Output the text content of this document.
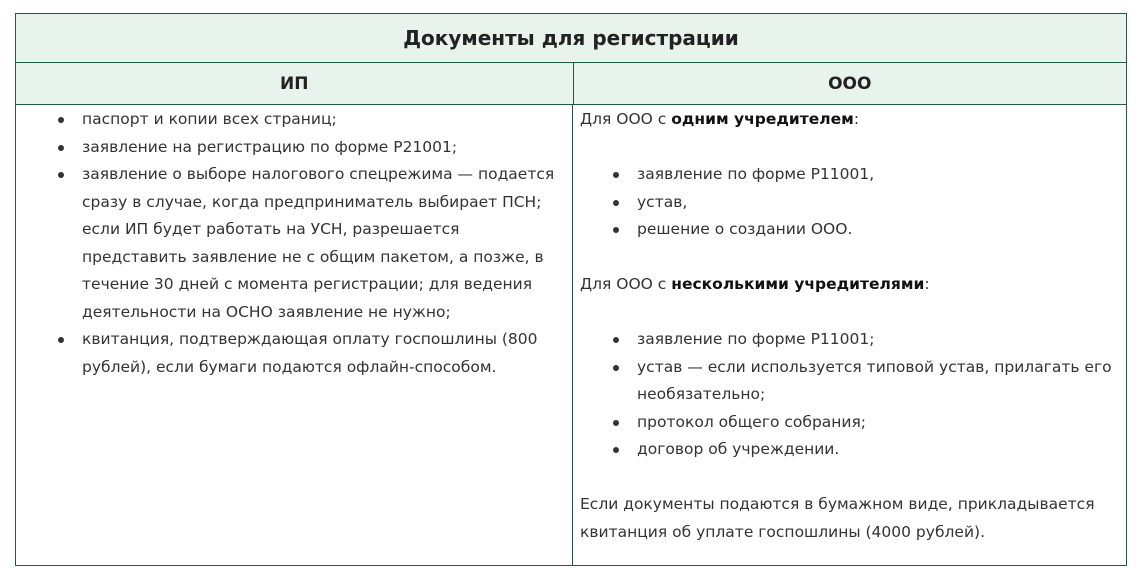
Документы для регистрации
ИП	ООО
паспорт и копии всех страниц;
заявление на регистрацию по форме Р21001;
заявление о выборе налогового спецрежима — подается сразу в случае, когда предприниматель выбирает ПСН; если ИП будет работать на УСН, разрешается представить заявление не с общим пакетом, а позже, в течение 30 дней с момента регистрации; для ведения деятельности на ОСНО заявление не нужно;
квитанция, подтверждающая оплату госпошлины (800 рублей), если бумаги подаются офлайн-способом.

Для ООО с одним учредителем:

заявление по форме Р11001,
устав,
решение о создании ООО.

Для ООО с несколькими учредителями:

заявление по форме Р11001;
устав — если используется типовой устав, прилагать его необязательно;
протокол общего собрания;
договор об учреждении.

Если документы подаются в бумажном виде, прикладывается квитанция об уплате госпошлины (4000 рублей).
